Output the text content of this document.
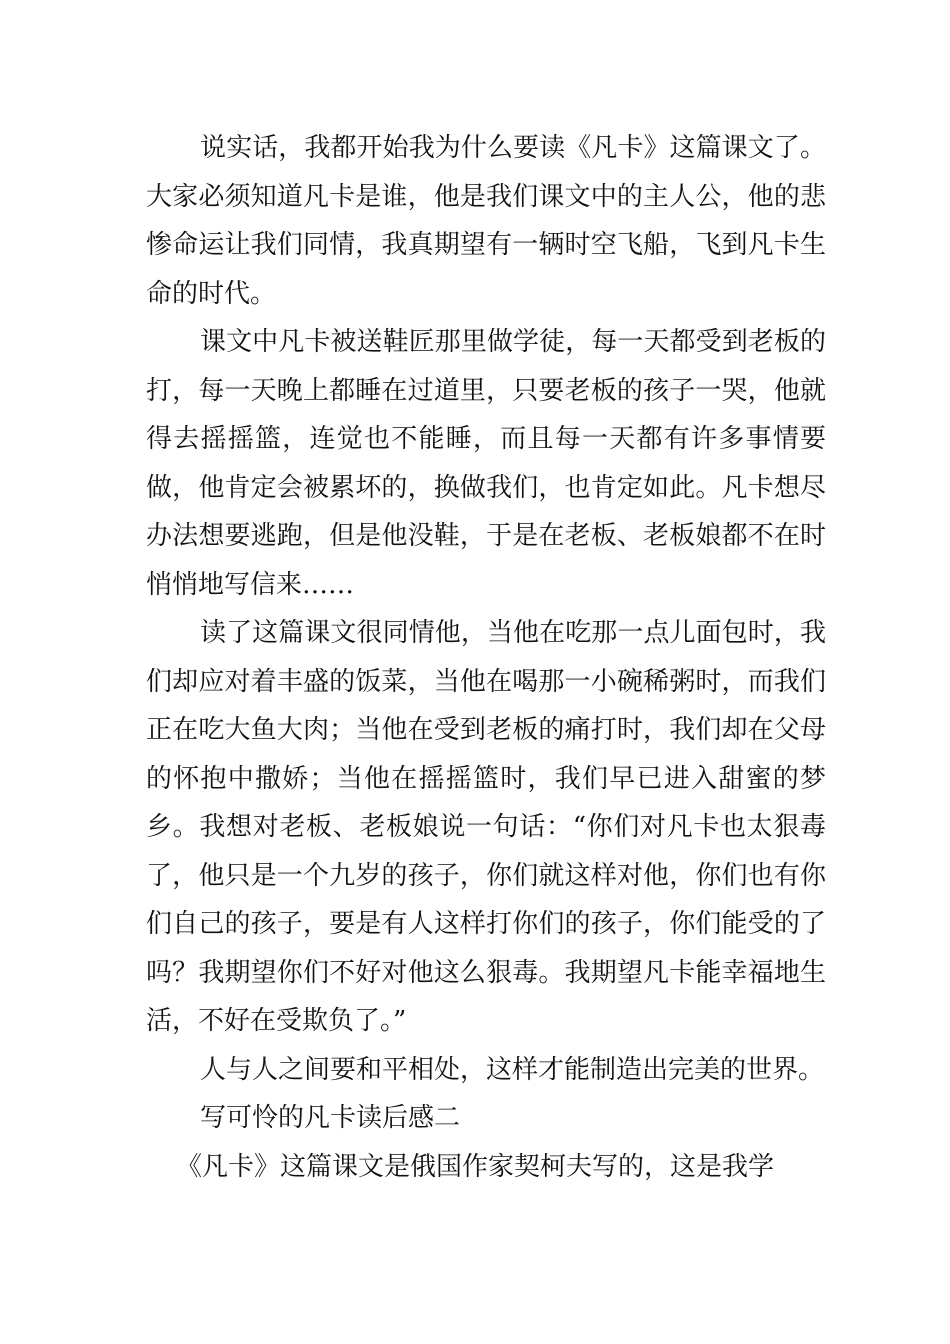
说实话，我都开始我为什么要读《凡卡》这篇课文了。大家必须知道凡卡是谁，他是我们课文中的主人公，他的悲惨命运让我们同情，我真期望有一辆时空飞船，飞到凡卡生命的时代。

课文中凡卡被送鞋匠那里做学徒，每一天都受到老板的打，每一天晚上都睡在过道里，只要老板的孩子一哭，他就得去摇摇篮，连觉也不能睡，而且每一天都有许多事情要做，他肯定会被累坏的，换做我们，也肯定如此。凡卡想尽办法想要逃跑，但是他没鞋，于是在老板、老板娘都不在时悄悄地写信来……

读了这篇课文很同情他，当他在吃那一点儿面包时，我们却应对着丰盛的饭菜，当他在喝那一小碗稀粥时，而我们正在吃大鱼大肉；当他在受到老板的痛打时，我们却在父母的怀抱中撒娇；当他在摇摇篮时，我们早已进入甜蜜的梦乡。我想对老板、老板娘说一句话：“你们对凡卡也太狠毒了，他只是一个九岁的孩子，你们就这样对他，你们也有你们自己的孩子，要是有人这样打你们的孩子，你们能受的了吗？我期望你们不好对他这么狠毒。我期望凡卡能幸福地生活，不好在受欺负了。”

人与人之间要和平相处，这样才能制造出完美的世界。

写可怜的凡卡读后感二

《凡卡》这篇课文是俄国作家契柯夫写的，这是我学
